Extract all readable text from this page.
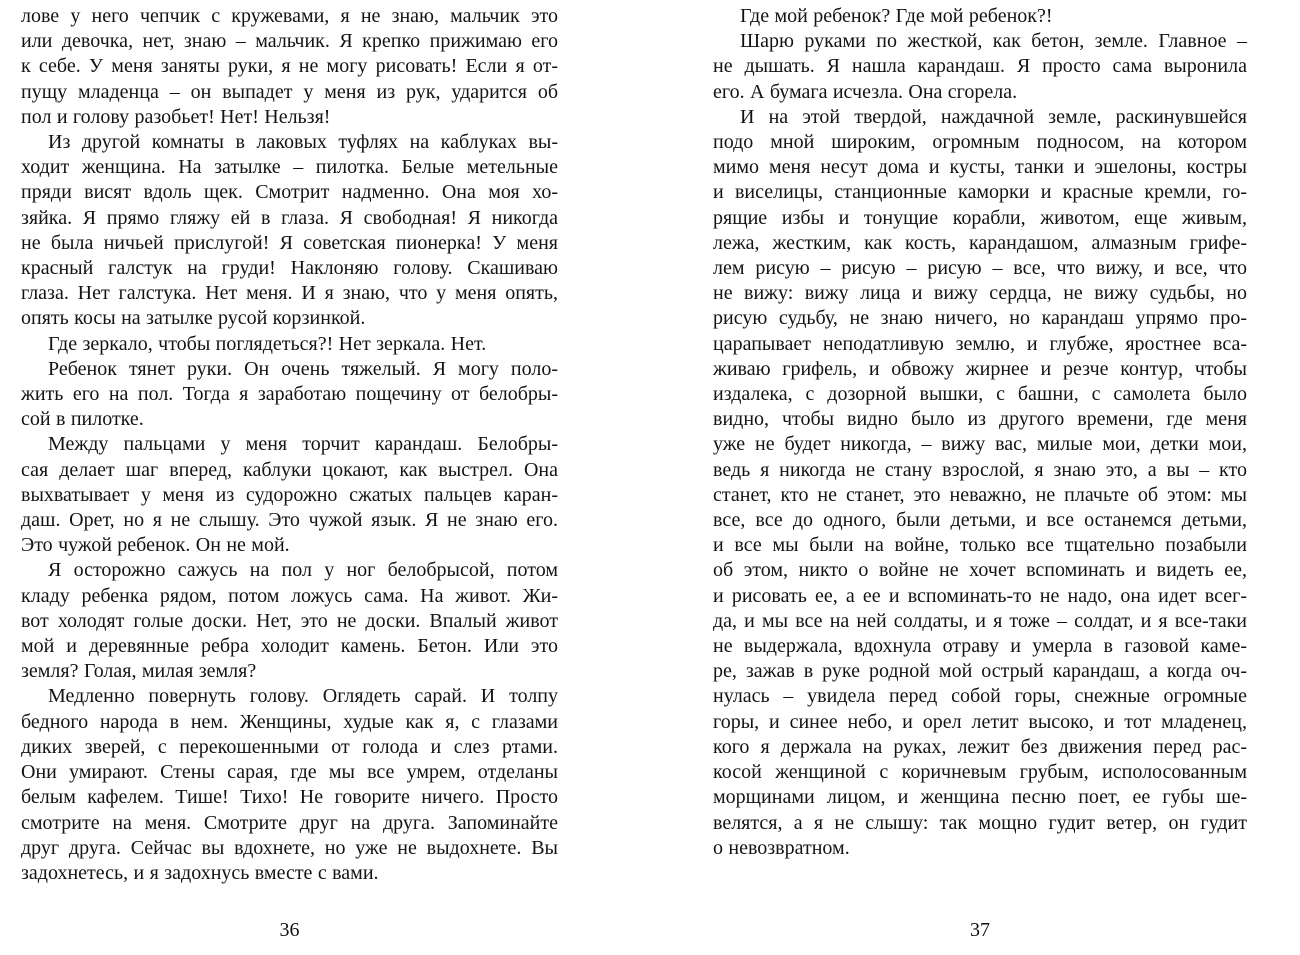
лове у него чепчик с кружевами, я не знаю, мальчик это
или девочка, нет, знаю – мальчик. Я крепко прижимаю его
к себе. У меня заняты руки, я не могу рисовать! Если я от-
пущу младенца – он выпадет у меня из рук, ударится об
пол и голову разобьет! Нет! Нельзя!
Из другой комнаты в лаковых туфлях на каблуках вы-
ходит женщина. На затылке – пилотка. Белые метельные
пряди висят вдоль щек. Смотрит надменно. Она моя хо-
зяйка. Я прямо гляжу ей в глаза. Я свободная! Я никогда
не была ничьей прислугой! Я советская пионерка! У меня
красный галстук на груди! Наклоняю голову. Скашиваю
глаза. Нет галстука. Нет меня. И я знаю, что у меня опять,
опять косы на затылке русой корзинкой.
Где зеркало, чтобы поглядеться?! Нет зеркала. Нет.
Ребенок тянет руки. Он очень тяжелый. Я могу поло-
жить его на пол. Тогда я заработаю пощечину от белобры-
сой в пилотке.
Между пальцами у меня торчит карандаш. Белобры-
сая делает шаг вперед, каблуки цокают, как выстрел. Она
выхватывает у меня из судорожно сжатых пальцев каран-
даш. Орет, но я не слышу. Это чужой язык. Я не знаю его.
Это чужой ребенок. Он не мой.
Я осторожно сажусь на пол у ног белобрысой, потом
кладу ребенка рядом, потом ложусь сама. На живот. Жи-
вот холодят голые доски. Нет, это не доски. Впалый живот
мой и деревянные ребра холодит камень. Бетон. Или это
земля? Голая, милая земля?
Медленно повернуть голову. Оглядеть сарай. И толпу
бедного народа в нем. Женщины, худые как я, с глазами
диких зверей, с перекошенными от голода и слез ртами.
Они умирают. Стены сарая, где мы все умрем, отделаны
белым кафелем. Тише! Тихо! Не говорите ничего. Просто
смотрите на меня. Смотрите друг на друга. Запоминайте
друг друга. Сейчас вы вдохнете, но уже не выдохнете. Вы
задохнетесь, и я задохнусь вместе с вами.
36
Где мой ребенок? Где мой ребенок?!
Шарю руками по жесткой, как бетон, земле. Главное –
не дышать. Я нашла карандаш. Я просто сама выронила
его. А бумага исчезла. Она сгорела.
И на этой твердой, наждачной земле, раскинувшейся
подо мной широким, огромным подносом, на котором
мимо меня несут дома и кусты, танки и эшелоны, костры
и виселицы, станционные каморки и красные кремли, го-
рящие избы и тонущие корабли, животом, еще живым,
лежа, жестким, как кость, карандашом, алмазным грифе-
лем рисую – рисую – рисую – все, что вижу, и все, что
не вижу: вижу лица и вижу сердца, не вижу судьбы, но
рисую судьбу, не знаю ничего, но карандаш упрямо про-
царапывает неподатливую землю, и глубже, яростнее вса-
живаю грифель, и обвожу жирнее и резче контур, чтобы
издалека, с дозорной вышки, с башни, с самолета было
видно, чтобы видно было из другого времени, где меня
уже не будет никогда, – вижу вас, милые мои, детки мои,
ведь я никогда не стану взрослой, я знаю это, а вы – кто
станет, кто не станет, это неважно, не плачьте об этом: мы
все, все до одного, были детьми, и все останемся детьми,
и все мы были на войне, только все тщательно позабыли
об этом, никто о войне не хочет вспоминать и видеть ее,
и рисовать ее, а ее и вспоминать-то не надо, она идет всег-
да, и мы все на ней солдаты, и я тоже – солдат, и я все-таки
не выдержала, вдохнула отраву и умерла в газовой каме-
ре, зажав в руке родной мой острый карандаш, а когда оч-
нулась – увидела перед собой горы, снежные огромные
горы, и синее небо, и орел летит высоко, и тот младенец,
кого я держала на руках, лежит без движения перед рас-
косой женщиной с коричневым грубым, исполосованным
морщинами лицом, и женщина песню поет, ее губы ше-
велятся, а я не слышу: так мощно гудит ветер, он гудит
о невозвратном.
37
